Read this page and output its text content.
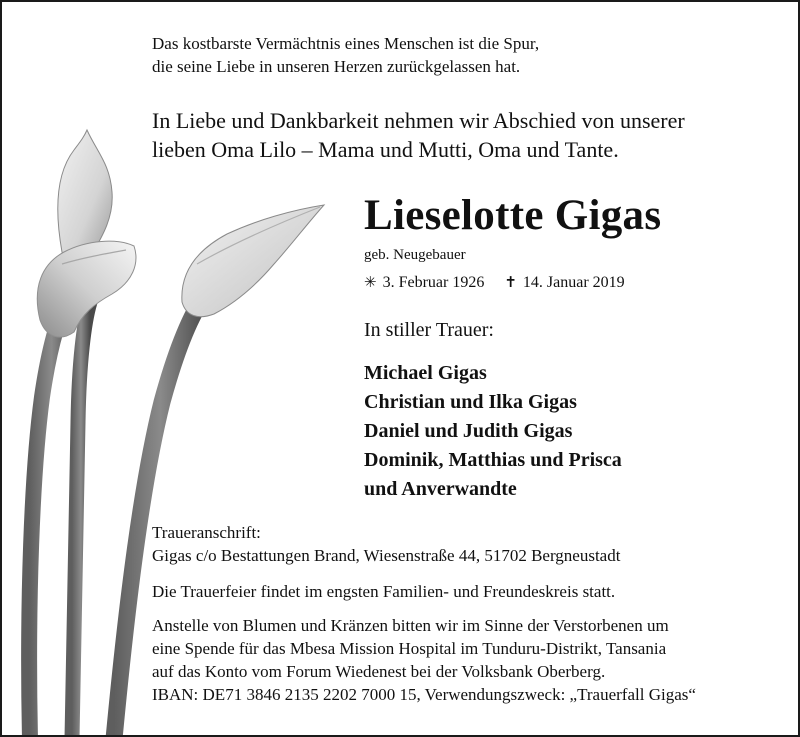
Das kostbarste Vermächtnis eines Menschen ist die Spur,
die seine Liebe in unseren Herzen zurückgelassen hat.
In Liebe und Dankbarkeit nehmen wir Abschied von unserer
lieben Oma Lilo – Mama und Mutti, Oma und Tante.
Lieselotte Gigas
geb. Neugebauer
✳ 3. Februar 1926 ✝ 14. Januar 2019
In stiller Trauer:
Michael Gigas
Christian und Ilka Gigas
Daniel und Judith Gigas
Dominik, Matthias und Prisca
und Anverwandte
Traueranschrift:
Gigas c/o Bestattungen Brand, Wiesenstraße 44, 51702 Bergneustadt
Die Trauerfeier findet im engsten Familien- und Freundeskreis statt.
Anstelle von Blumen und Kränzen bitten wir im Sinne der Verstorbenen um
eine Spende für das Mbesa Mission Hospital im Tunduru-Distrikt, Tansania
auf das Konto vom Forum Wiedenest bei der Volksbank Oberberg.
IBAN: DE71 3846 2135 2202 7000 15, Verwendungszweck: „Trauerfall Gigas“
